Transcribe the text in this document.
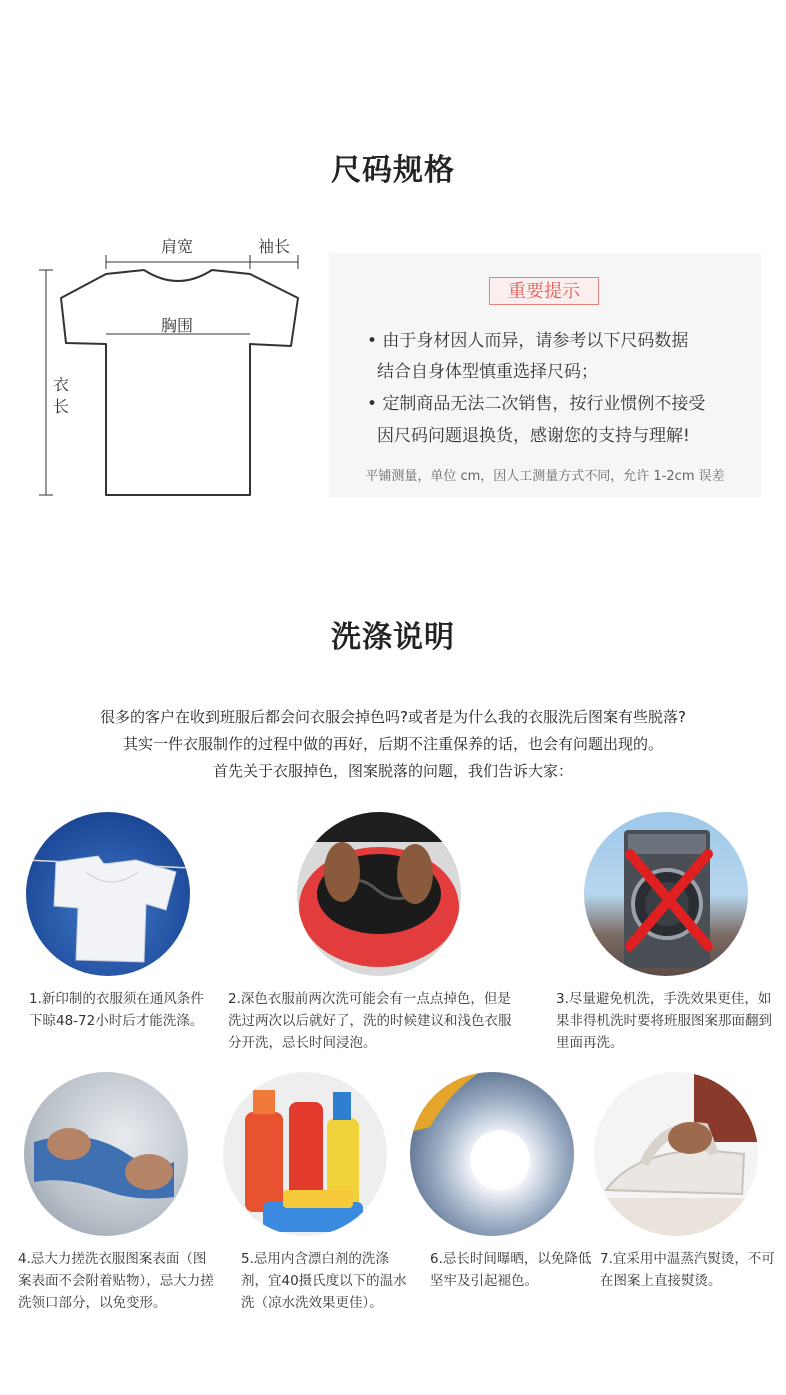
尺码规格
肩宽	袖长
胸围
衣
长
重要提示
• 由于身材因人而异，请参考以下尺码数据
结合自身体型慎重选择尺码；
• 定制商品无法二次销售，按行业惯例不接受
因尺码问题退换货，感谢您的支持与理解!
平铺测量，单位 cm，因人工测量方式不同，允许 1-2cm 误差
洗涤说明
很多的客户在收到班服后都会问衣服会掉色吗?或者是为什么我的衣服洗后图案有些脱落?
其实一件衣服制作的过程中做的再好，后期不注重保养的话，也会有问题出现的。
首先关于衣服掉色，图案脱落的问题，我们告诉大家：
1.新印制的衣服须在通风条件下晾48-72小时后才能洗涤。
2.深色衣服前两次洗可能会有一点点掉色，但是洗过两次以后就好了，洗的时候建议和浅色衣服分开洗，忌长时间浸泡。
3.尽量避免机洗，手洗效果更佳，如果非得机洗时要将班服图案那面翻到里面再洗。
4.忌大力搓洗衣服图案表面（图案表面不会附着贴物），忌大力搓洗领口部分，以免变形。
5.忌用内含漂白剂的洗涤剂，宜40摄氏度以下的温水洗（凉水洗效果更佳）。
6.忌长时间曝晒，以免降低坚牢及引起褪色。
7.宜采用中温蒸汽熨烫，不可在图案上直接熨烫。
